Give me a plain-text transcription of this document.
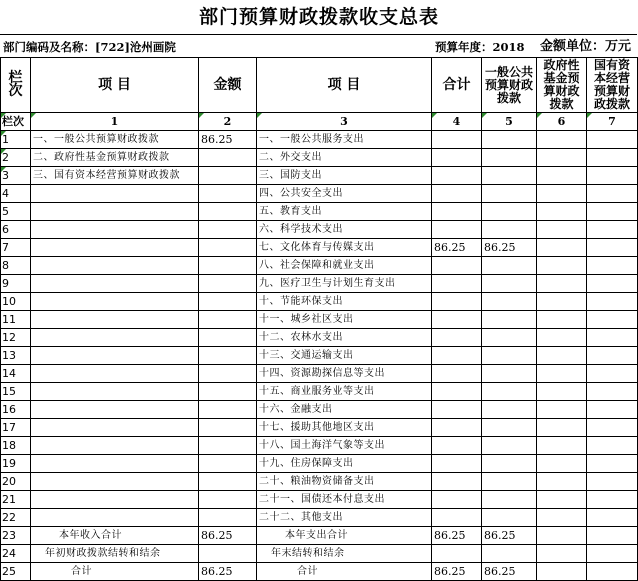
部门预算财政拨款收支总表
部门编码及名称：[722]沧州画院	预算年度：2018 金额单位：万元
栏次	项 目	金额	项 目	合计	一般公共预算财政拨款	政府性基金预算财政拨款	国有资本经营预算财政拨款
栏次	1	2	3	4	5	6	7
1	一、一般公共预算财政拨款	86.25	一、一般公共服务支出				
2	二、政府性基金预算财政拨款		二、外交支出				
3	三、国有资本经营预算财政拨款		三、国防支出				
4			四、公共安全支出				
5			五、教育支出				
6			六、科学技术支出				
7			七、文化体育与传媒支出	86.25	86.25		
8			八、社会保障和就业支出				
9			九、医疗卫生与计划生育支出				
10			十、节能环保支出				
11			十一、城乡社区支出				
12			十二、农林水支出				
13			十三、交通运输支出				
14			十四、资源勘探信息等支出				
15			十五、商业服务业等支出				
16			十六、金融支出				
17			十七、援助其他地区支出				
18			十八、国土海洋气象等支出				
19			十九、住房保障支出				
20			二十、粮油物资储备支出				
21			二十一、国债还本付息支出				
22			二十二、其他支出				
23	本年收入合计	86.25	本年支出合计	86.25	86.25		
24	年初财政拨款结转和结余		年末结转和结余				
25	合计	86.25	合计	86.25	86.25		
